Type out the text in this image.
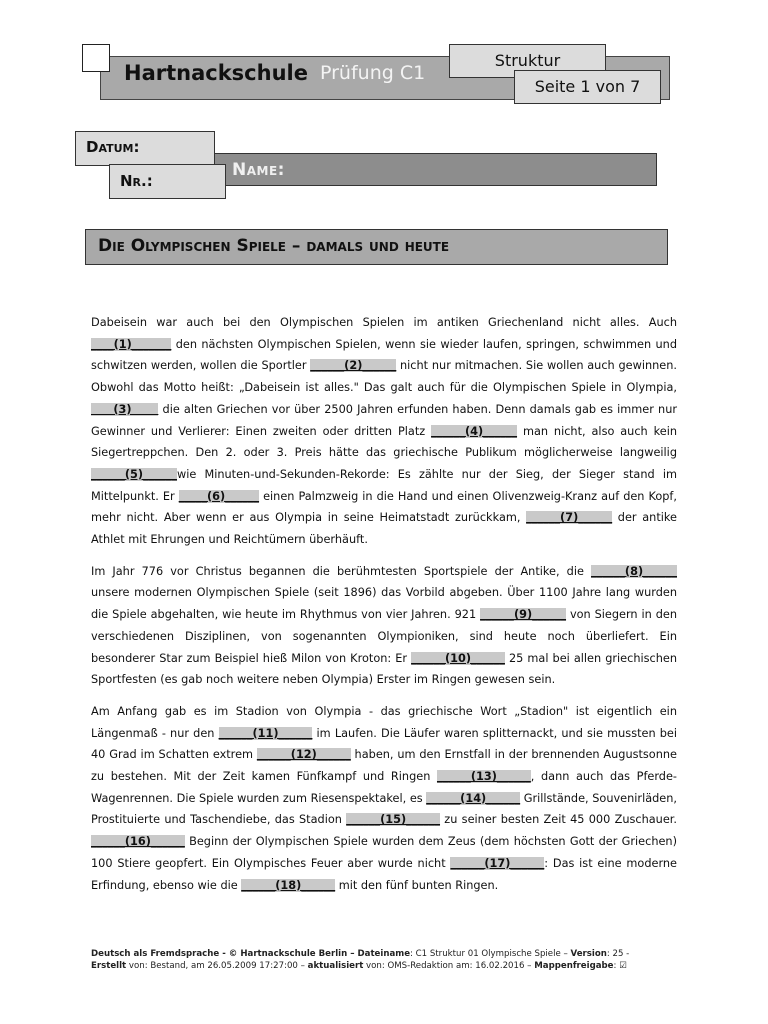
Hartnackschule Prüfung C1
Struktur
Seite 1 von 7
Name:
Datum:
Nr.:
Die Olympischen Spiele – damals und heute

Dabeisein war auch bei den Olympischen Spielen im antiken Griechenland nicht alles. Auch ____(1)_______ den nächsten Olympischen Spielen, wenn sie wieder laufen, springen, schwimmen und schwitzen werden, wollen die Sportler ______(2)______ nicht nur mitmachen. Sie wollen auch gewinnen. Obwohl das Motto heißt: „Dabeisein ist alles." Das galt auch für die Olympischen Spiele in Olympia,      (3)       die alten Griechen vor über 2500 Jahren erfunden haben. Denn damals gab es immer nur Gewinner und Verlierer: Einen zweiten oder dritten Platz ______(4)______ man nicht, also auch kein Siegertreppchen. Den 2. oder 3. Preis hätte das griechische Publikum möglicherweise langweilig ______(5)______wie Minuten-und-Sekunden-Rekorde: Es zählte nur der Sieg, der Sieger stand im Mittelpunkt. Er _____(6)______ einen Palmzweig in die Hand und einen Olivenzweig-Kranz auf den Kopf, mehr nicht. Aber wenn er aus Olympia in seine Heimatstadt zurückkam, ______(7)______ der antike Athlet mit Ehrungen und Reichtümern überhäuft.

Im Jahr 776 vor Christus begannen die berühmtesten Sportspiele der Antike, die ______(8)______ unsere modernen Olympischen Spiele (seit 1896) das Vorbild abgeben. Über 1100 Jahre lang wurden die Spiele abgehalten, wie heute im Rhythmus von vier Jahren. 921 ______(9)______ von Siegern in den verschiedenen Disziplinen, von sogenannten Olympioniken, sind heute noch überliefert. Ein besonderer Star zum Beispiel hieß Milon von Kroton: Er ______(10)______ 25 mal bei allen griechischen Sportfesten (es gab noch weitere neben Olympia) Erster im Ringen gewesen sein.

Am Anfang gab es im Stadion von Olympia - das griechische Wort „Stadion" ist eigentlich ein Längenmaß - nur den ______(11)______ im Laufen. Die Läufer waren splitternackt, und sie mussten bei 40 Grad im Schatten extrem ______(12)______ haben, um den Ernstfall in der brennenden Augustsonne zu bestehen. Mit der Zeit kamen Fünfkampf und Ringen ______(13)______, dann auch das Pferde-Wagenrennen. Die Spiele wurden zum Riesenspektakel, es ______(14)______ Grillstände, Souvenirläden, Prostituierte und Taschendiebe, das Stadion ______(15)______ zu seiner besten Zeit 45 000 Zuschauer. ______(16)______ Beginn der Olympischen Spiele wurden dem Zeus (dem höchsten Gott der Griechen) 100 Stiere geopfert. Ein Olympisches Feuer aber wurde nicht ______(17)______: Das ist eine moderne Erfindung, ebenso wie die ______(18)______ mit den fünf bunten Ringen.

Deutsch als Fremdsprache - © Hartnackschule Berlin – Dateiname: C1 Struktur 01 Olympische Spiele – Version: 25 -
Erstellt von: Bestand, am 26.05.2009 17:27:00 – aktualisiert von: OMS-Redaktion am: 16.02.2016 – Mappenfreigabe: ☑
